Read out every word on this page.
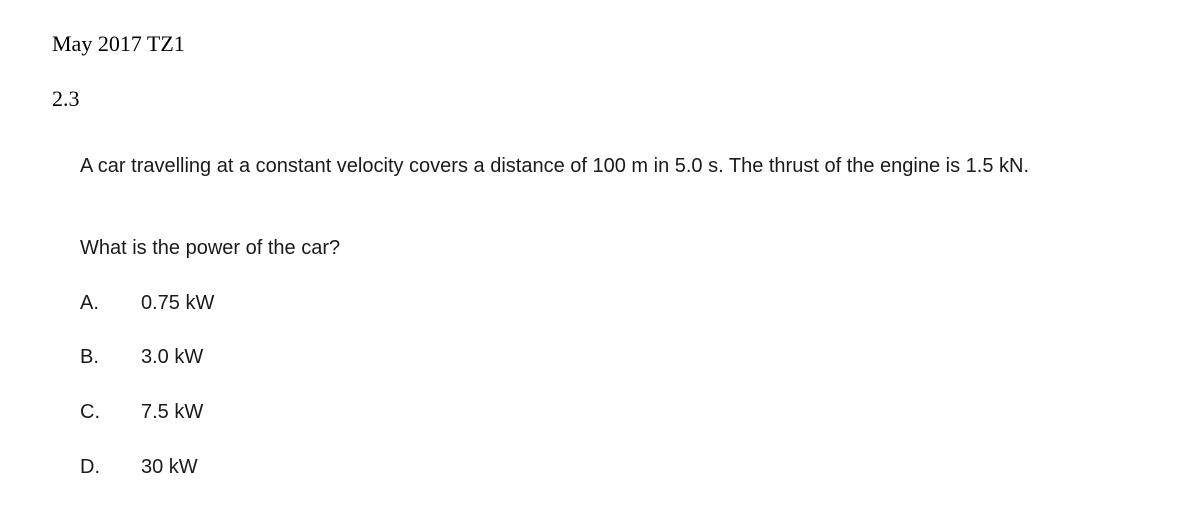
May 2017 TZ1
2.3

A car travelling at a constant velocity covers a distance of 100 m in 5.0 s. The thrust of the engine is 1.5 kN.

What is the power of the car?

A.	0.75 kW
B.	3.0 kW
C.	7.5 kW
D.	30 kW
